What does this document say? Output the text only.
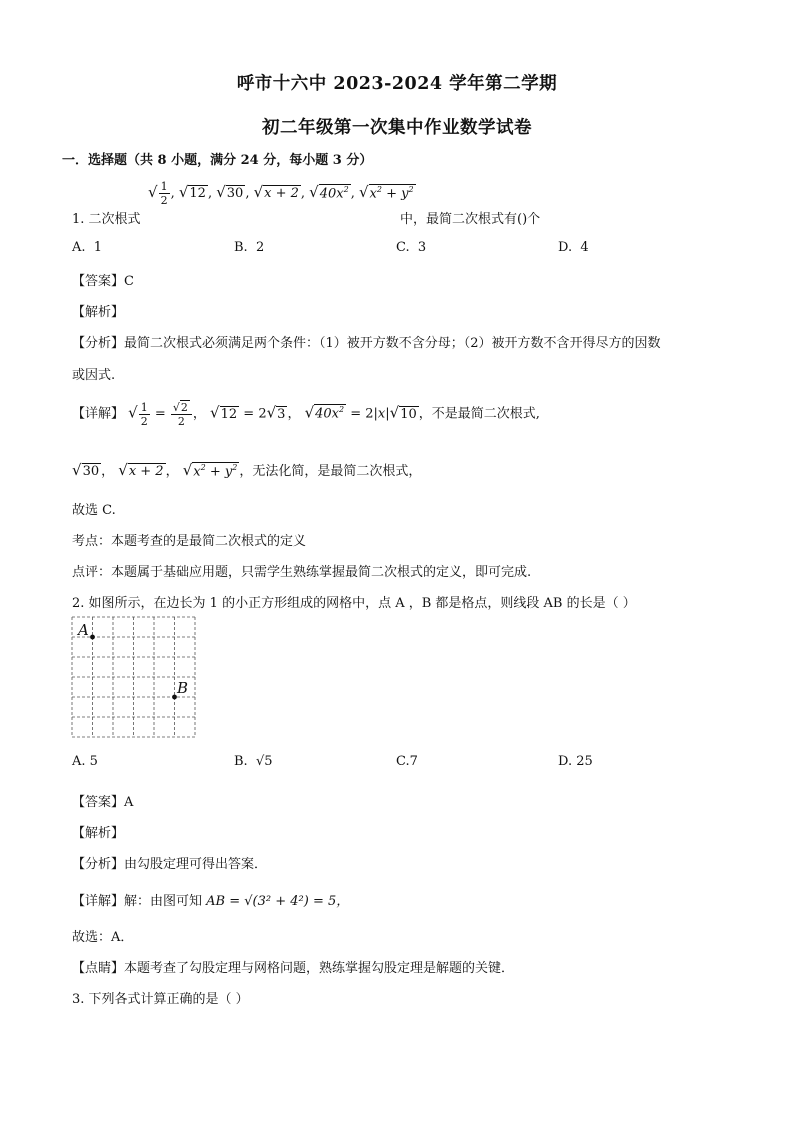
呼市十六中 2023-2024 学年第二学期
初二年级第一次集中作业数学试卷
一．选择题（共 8 小题，满分 24 分，每小题 3 分）
1. 二次根式
√ $\frac{1}{2}$ , √12 , √30 , √x + 2 , $√40x^2$ , $√x^2 + y^2$
中，最简二次根式有()个
A. 1	B. 2	C. 3	D. 4
【答案】C
【解析】
【分析】最简二次根式必须满足两个条件：（1）被开方数不含分母；（2）被开方数不含开得尽方的因数
或因式.
【详解】 √ $\frac{1}{2} = \frac{√2}{2}$ ， √12 = 2√3 ， $√40x^2 = 2|x|√10$ ，不是最简二次根式,
√30 ， √x + 2 ， $√x^2 + y^2$ ，无法化简，是最简二次根式，
故选 C.
考点：本题考查的是最简二次根式的定义
点评：本题属于基础应用题，只需学生熟练掌握最简二次根式的定义，即可完成.
2. 如图所示，在边长为 1 的小正方形组成的网格中，点 A ，B 都是格点，则线段 AB 的长是（ ）
A
B
A. 5	B. √5	C.7	D. 25
【答案】A
【解析】
【分析】由勾股定理可得出答案．
【详解】解：由图可知 AB = √(3² + 4²) = 5，
故选：A．
【点睛】本题考查了勾股定理与网格问题，熟练掌握勾股定理是解题的关键．
3. 下列各式计算正确的是（ ）
